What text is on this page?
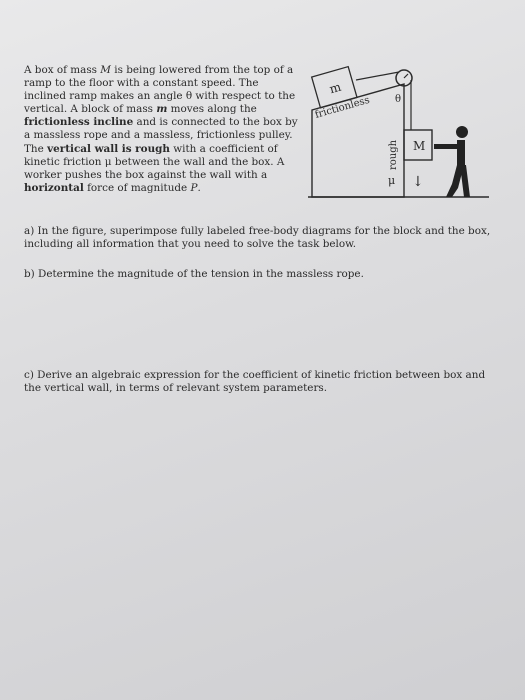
A box of mass M is being lowered from the top of a ramp to the floor with a constant speed. The inclined ramp makes an angle θ with respect to the vertical. A block of mass m moves along the frictionless incline and is connected to the box by a massless rope and a massless, frictionless pulley. The vertical wall is rough with a coefficient of kinetic friction μ between the wall and the box. A worker pushes the box against the wall with a horizontal force of magnitude P.
m
frictionless θ
rough
μ
M
↓
a) In the figure, superimpose fully labeled free-body diagrams for the block and the box, including all information that you need to solve the task below.
b) Determine the magnitude of the tension in the massless rope.
c) Derive an algebraic expression for the coefficient of kinetic friction between box and the vertical wall, in terms of relevant system parameters.
